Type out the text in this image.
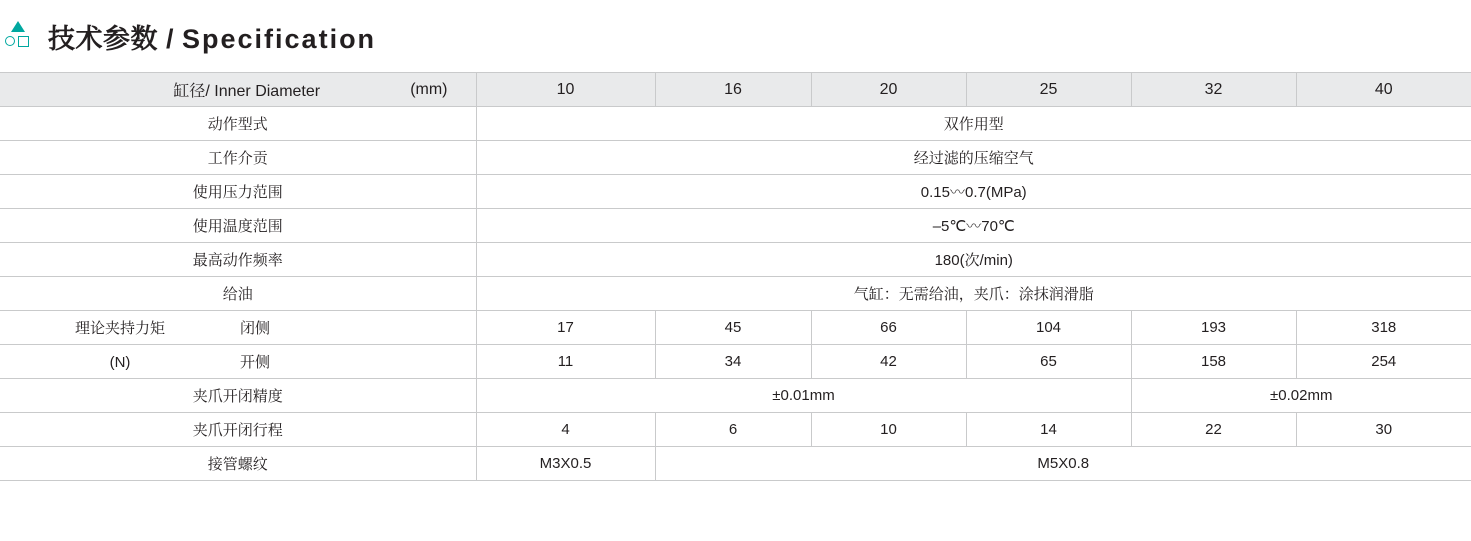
技术参数 / Specification
缸径/ Inner Diameter (mm)	10	16	20	25	32	40
动作型式	双作用型					
工作介贡	经过滤的压缩空气					
使用压力范围	0.15〰0.7(MPa)					
使用温度范围	–5℃〰70℃					
最高动作频率	180(次/min)					
给油	气缸：无需给油，夹爪：涂抹润滑脂					
理论夹持力矩 闭侧	17	45	66	104	193	318
(N) 开侧	11	34	42	65	158	254
夹爪开闭精度	±0.01mm				±0.02mm	
夹爪开闭行程	4	6	10	14	22	30
接管螺纹	M3X0.5	M5X0.8				
